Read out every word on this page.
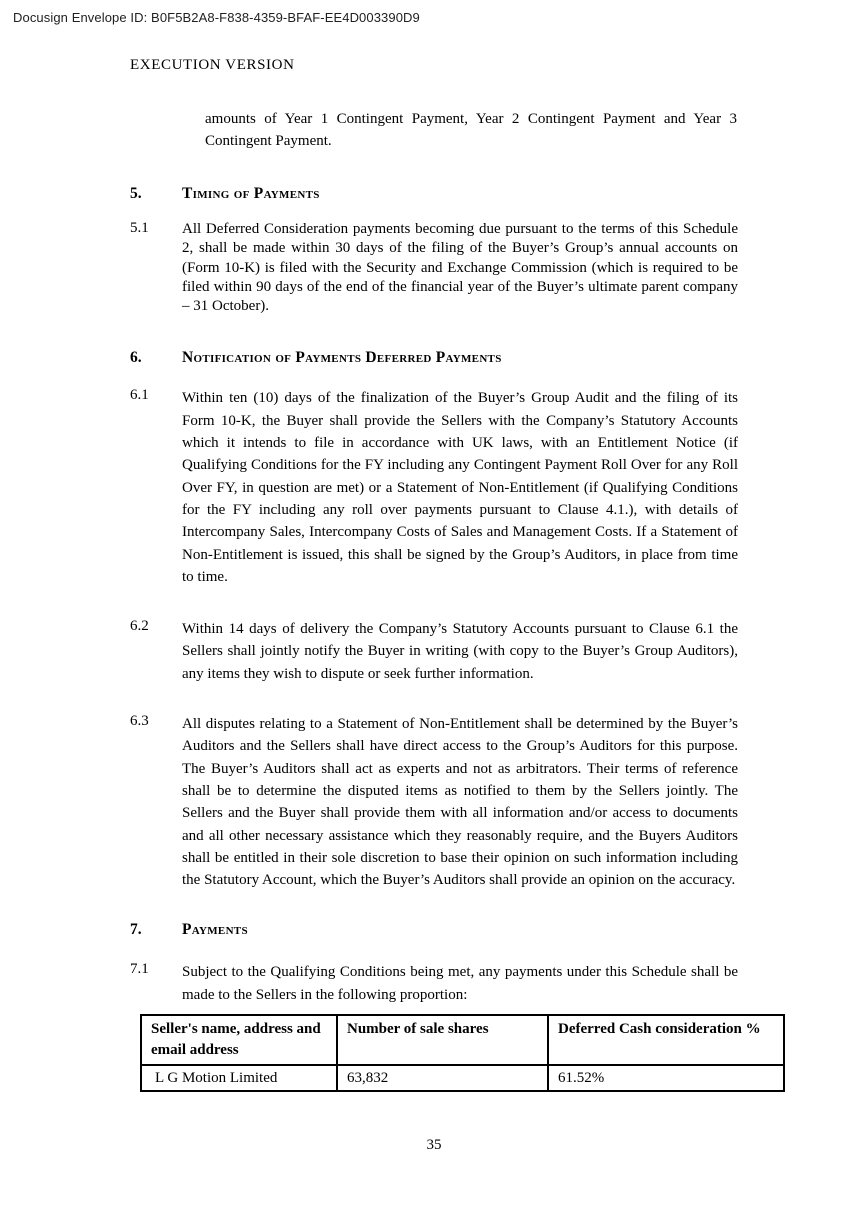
Docusign Envelope ID: B0F5B2A8-F838-4359-BFAF-EE4D003390D9
EXECUTION VERSION
amounts of Year 1 Contingent Payment, Year 2 Contingent Payment and Year 3 Contingent Payment.
5.	Timing of Payments
5.1	All Deferred Consideration payments becoming due pursuant to the terms of this Schedule 2, shall be made within 30 days of the filing of the Buyer’s Group’s annual accounts on (Form 10-K) is filed with the Security and Exchange Commission (which is required to be filed within 90 days of the end of the financial year of the Buyer’s ultimate parent company – 31 October).
6.	Notification of Payments Deferred Payments
6.1	Within ten (10) days of the finalization of the Buyer’s Group Audit and the filing of its Form 10-K, the Buyer shall provide the Sellers with the Company’s Statutory Accounts which it intends to file in accordance with UK laws, with an Entitlement Notice (if Qualifying Conditions for the FY including any Contingent Payment Roll Over for any Roll Over FY, in question are met) or a Statement of Non-Entitlement (if Qualifying Conditions for the FY including any roll over payments pursuant to Clause 4.1.), with details of Intercompany Sales, Intercompany Costs of Sales and Management Costs. If a Statement of Non-Entitlement is issued, this shall be signed by the Group’s Auditors, in place from time to time.
6.2	Within 14 days of delivery the Company’s Statutory Accounts pursuant to Clause 6.1 the Sellers shall jointly notify the Buyer in writing (with copy to the Buyer’s Group Auditors), any items they wish to dispute or seek further information.
6.3	All disputes relating to a Statement of Non-Entitlement shall be determined by the Buyer’s Auditors and the Sellers shall have direct access to the Group’s Auditors for this purpose. The Buyer’s Auditors shall act as experts and not as arbitrators. Their terms of reference shall be to determine the disputed items as notified to them by the Sellers jointly. The Sellers and the Buyer shall provide them with all information and/or access to documents and all other necessary assistance which they reasonably require, and the Buyers Auditors shall be entitled in their sole discretion to base their opinion on such information including the Statutory Account, which the Buyer’s Auditors shall provide an opinion on the accuracy.
7.	Payments
7.1	Subject to the Qualifying Conditions being met, any payments under this Schedule shall be made to the Sellers in the following proportion:
Seller's name, address and email address	Number of sale shares	Deferred Cash consideration %
L G Motion Limited	63,832	61.52%
35
